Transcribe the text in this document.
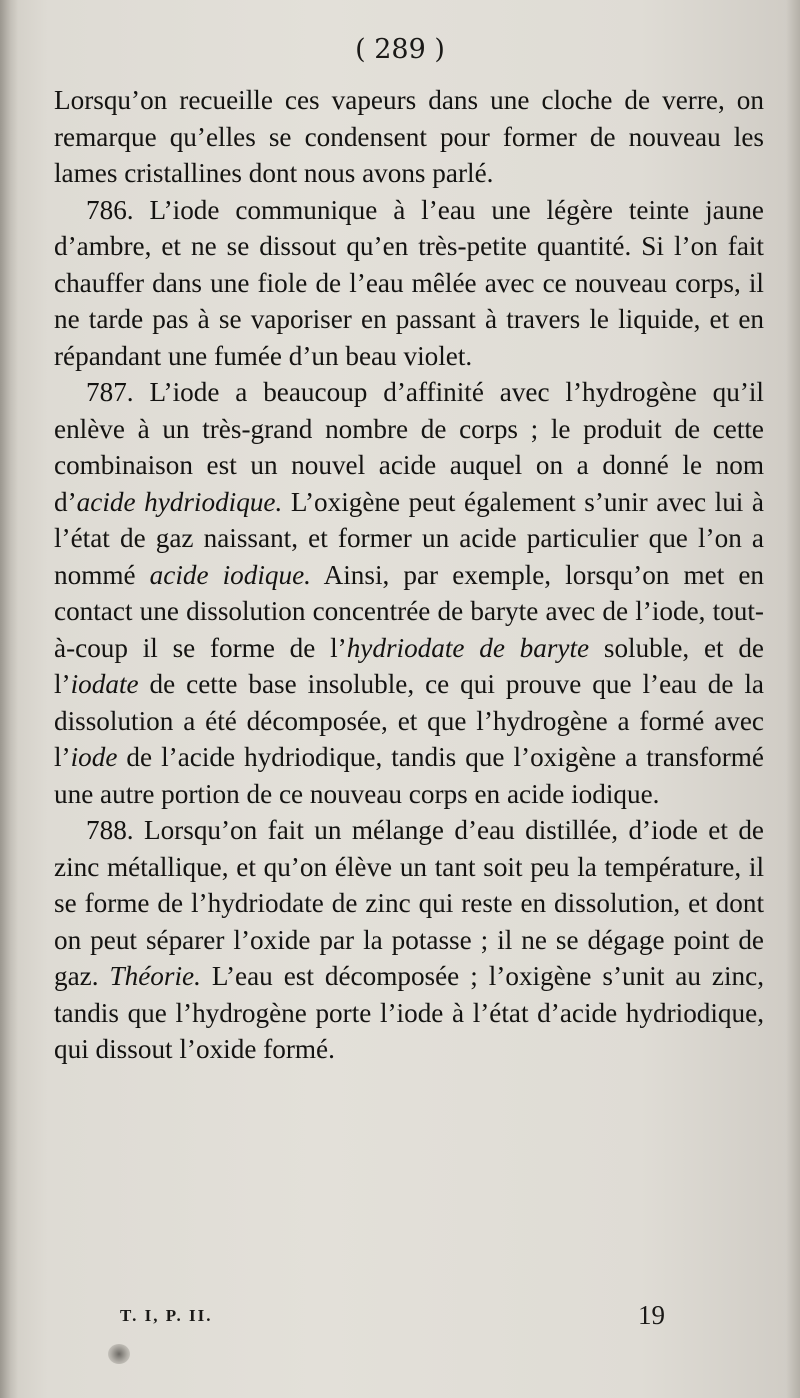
( 289 )

Lorsqu’on recueille ces vapeurs dans une cloche de verre, on remarque qu’elles se condensent pour former de nouveau les lames cristallines dont nous avons parlé.

786. L’iode communique à l’eau une légère teinte jaune d’ambre, et ne se dissout qu’en très-petite quantité. Si l’on fait chauffer dans une fiole de l’eau mêlée avec ce nouveau corps, il ne tarde pas à se vaporiser en passant à travers le liquide, et en répandant une fumée d’un beau violet.

787. L’iode a beaucoup d’affinité avec l’hydrogène qu’il enlève à un très-grand nombre de corps ; le produit de cette combinaison est un nouvel acide auquel on a donné le nom d’acide hydriodique. L’oxigène peut également s’unir avec lui à l’état de gaz naissant, et former un acide particulier que l’on a nommé acide iodique. Ainsi, par exemple, lorsqu’on met en contact une dissolution concentrée de baryte avec de l’iode, tout-à-coup il se forme de l’hydriodate de baryte soluble, et de l’iodate de cette base insoluble, ce qui prouve que l’eau de la dissolution a été décomposée, et que l’hydrogène a formé avec l’iode de l’acide hydriodique, tandis que l’oxigène a transformé une autre portion de ce nouveau corps en acide iodique.

788. Lorsqu’on fait un mélange d’eau distillée, d’iode et de zinc métallique, et qu’on élève un tant soit peu la température, il se forme de l’hydriodate de zinc qui reste en dissolution, et dont on peut séparer l’oxide par la potasse ; il ne se dégage point de gaz. Théorie. L’eau est décomposée ; l’oxigène s’unit au zinc, tandis que l’hydrogène porte l’iode à l’état d’acide hydriodique, qui dissout l’oxide formé.

T. I, P. II.	19
